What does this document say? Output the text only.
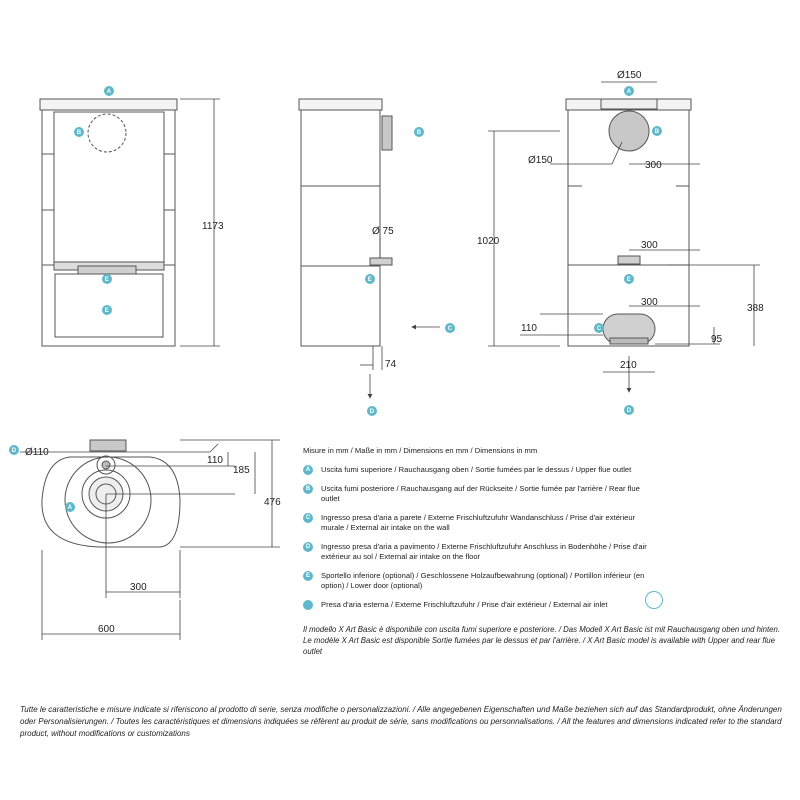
1173	Ø 75
74
Ø150
Ø150
1020
300
300
300
388
110
95
210
Ø110
110
185
476
300
600
A
B
E
E
B
E
C
D
A
B
E
C
D
D
A
Misure in mm / Maße in mm / Dimensions en mm / Dimensions in mm
A	Uscita fumi superiore / Rauchausgang oben / Sortie fumées par le dessus / Upper flue outlet
B	Uscita fumi posteriore / Rauchausgang auf der Rückseite / Sortie fumée par l'arrière / Rear flue outlet
C	Ingresso presa d'aria a parete / Externe Frischluftzufuhr Wandanschluss / Prise d'air extérieur murale / External air intake on the wall
D	Ingresso presa d'aria a pavimento / Externe Frischluftzufuhr Anschluss in Bodenhöhe / Prise d'air extérieur au sol / External air intake on the floor
E	Sportello inferiore (optional) / Geschlossene Holzaufbewahrung (optional) / Portillon inférieur (en option) / Lower door (optional)
Presa d'aria esterna / Externe Frischluftzufuhr / Prise d'air extérieur / External air inlet
Il modello X Art Basic è disponibile con uscita fumi superiore e posteriore. / Das Modell X Art Basic ist mit Rauchausgang oben und hinten. Le modèle X Art Basic est disponible Sortie fumées par le dessus et par l'arrière. / X Art Basic model is available with Upper and rear flue outlet
Tutte le caratteristiche e misure indicate si riferiscono al prodotto di serie, senza modifiche o personalizzazioni. / Alle angegebenen Eigenschaften und Maße beziehen sich auf das Standardprodukt, ohne Änderungen oder Personalisierungen. / Toutes les caractéristiques et dimensions indiquées se réfèrent au produit de série, sans modifications ou personnalisations. / All the features and dimensions indicated refer to the standard product, without modifications or customizations
